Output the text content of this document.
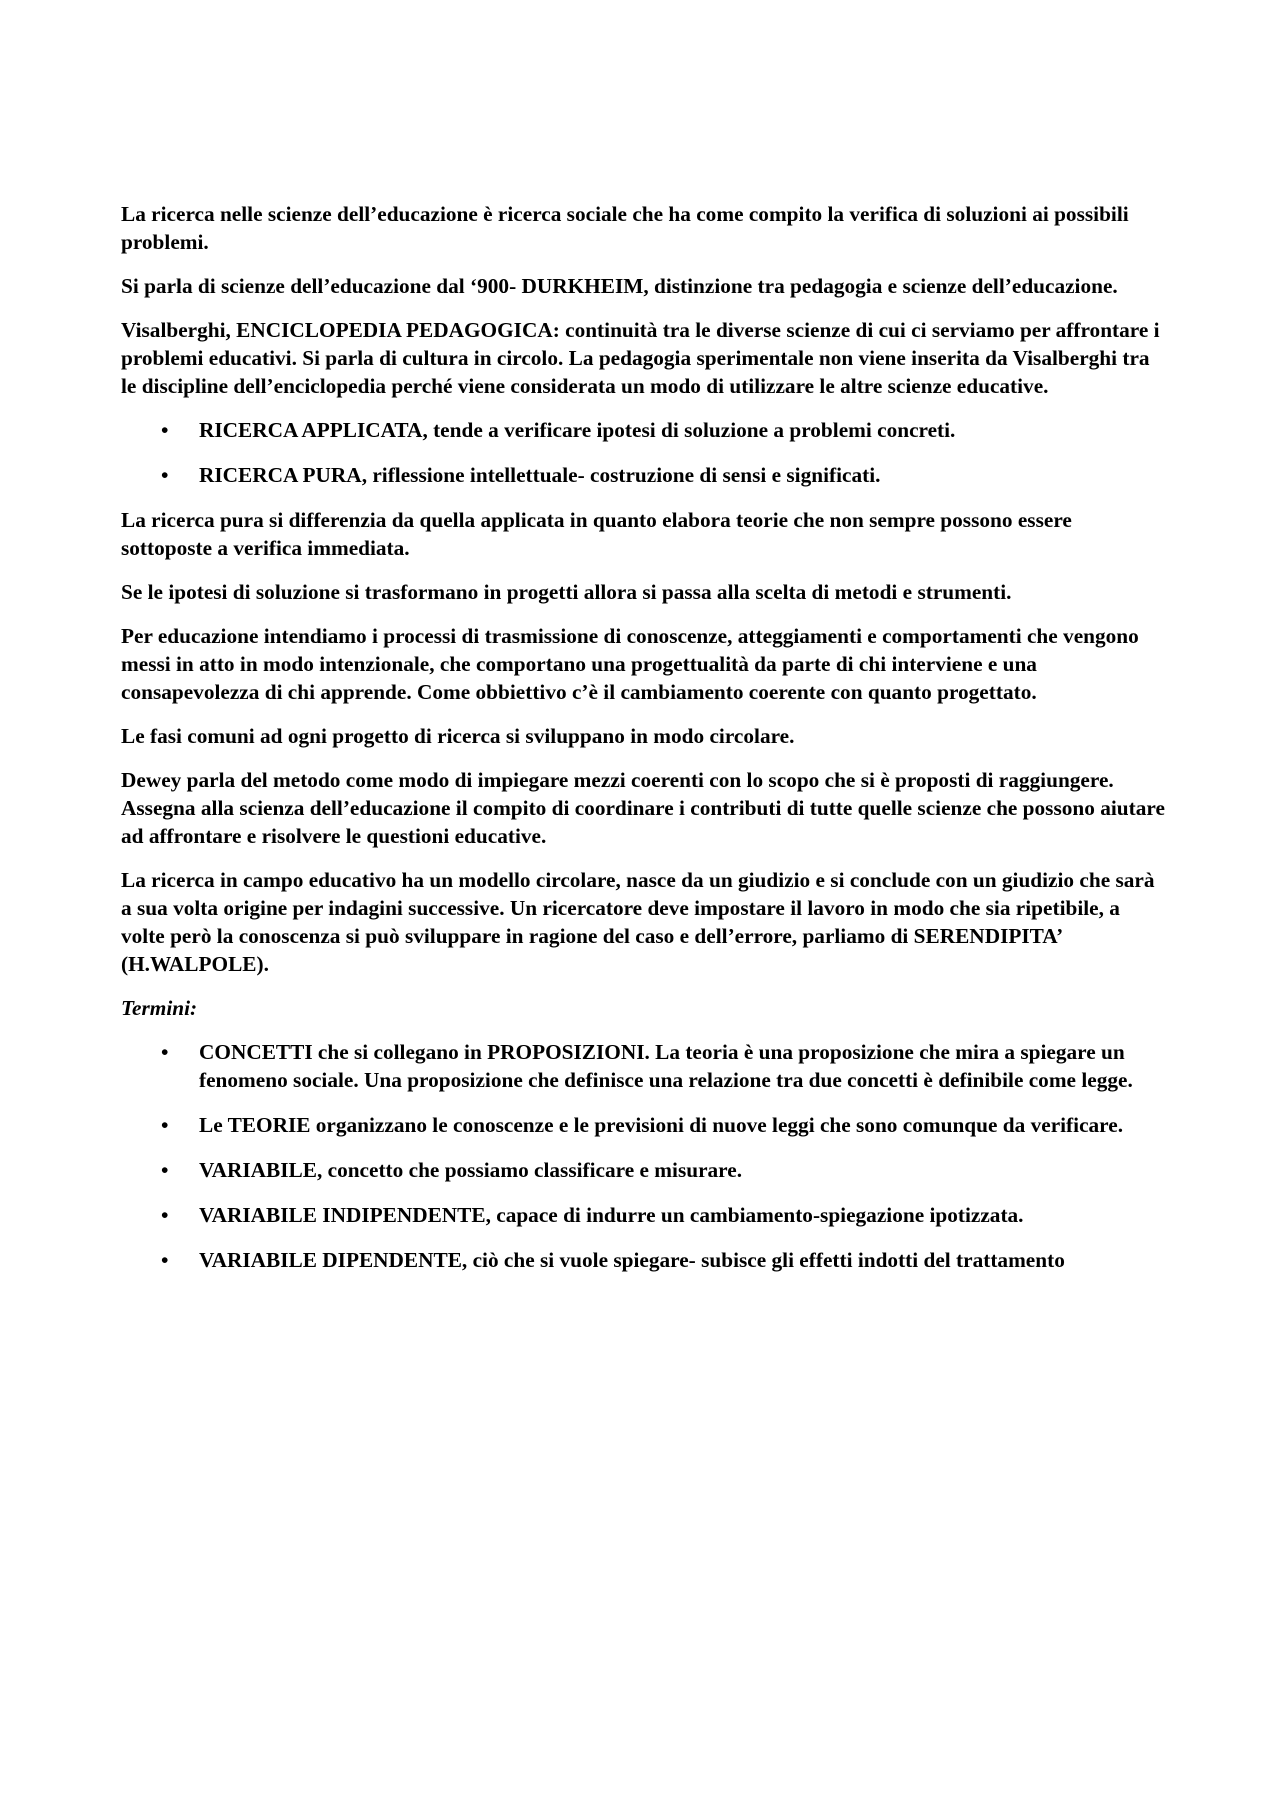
La ricerca nelle scienze dell’educazione è ricerca sociale che ha come compito la verifica di soluzioni ai possibili problemi.

Si parla di scienze dell’educazione dal ‘900- DURKHEIM, distinzione tra pedagogia e scienze dell’educazione.

Visalberghi, ENCICLOPEDIA PEDAGOGICA: continuità tra le diverse scienze di cui ci serviamo per affrontare i problemi educativi. Si parla di cultura in circolo. La pedagogia sperimentale non viene inserita da Visalberghi tra le discipline dell’enciclopedia perché viene considerata un modo di utilizzare le altre scienze educative.

• RICERCA APPLICATA, tende a verificare ipotesi di soluzione a problemi concreti.
• RICERCA PURA, riflessione intellettuale- costruzione di sensi e significati.

La ricerca pura si differenzia da quella applicata in quanto elabora teorie che non sempre possono essere sottoposte a verifica immediata.

Se le ipotesi di soluzione si trasformano in progetti allora si passa alla scelta di metodi e strumenti.

Per educazione intendiamo i processi di trasmissione di conoscenze, atteggiamenti e comportamenti che vengono messi in atto in modo intenzionale, che comportano una progettualità da parte di chi interviene e una consapevolezza di chi apprende. Come obbiettivo c’è il cambiamento coerente con quanto progettato.

Le fasi comuni ad ogni progetto di ricerca si sviluppano in modo circolare.

Dewey parla del metodo come modo di impiegare mezzi coerenti con lo scopo che si è proposti di raggiungere. Assegna alla scienza dell’educazione il compito di coordinare i contributi di tutte quelle scienze che possono aiutare ad affrontare e risolvere le questioni educative.

La ricerca in campo educativo ha un modello circolare, nasce da un giudizio e si conclude con un giudizio che sarà a sua volta origine per indagini successive. Un ricercatore deve impostare il lavoro in modo che sia ripetibile, a volte però la conoscenza si può sviluppare in ragione del caso e dell’errore, parliamo di SERENDIPITA’ (H.WALPOLE).

Termini:

• CONCETTI che si collegano in PROPOSIZIONI. La teoria è una proposizione che mira a spiegare un fenomeno sociale. Una proposizione che definisce una relazione tra due concetti è definibile come legge.
• Le TEORIE organizzano le conoscenze e le previsioni di nuove leggi che sono comunque da verificare.
• VARIABILE, concetto che possiamo classificare e misurare.
• VARIABILE INDIPENDENTE, capace di indurre un cambiamento-spiegazione ipotizzata.
• VARIABILE DIPENDENTE, ciò che si vuole spiegare- subisce gli effetti indotti del trattamento
